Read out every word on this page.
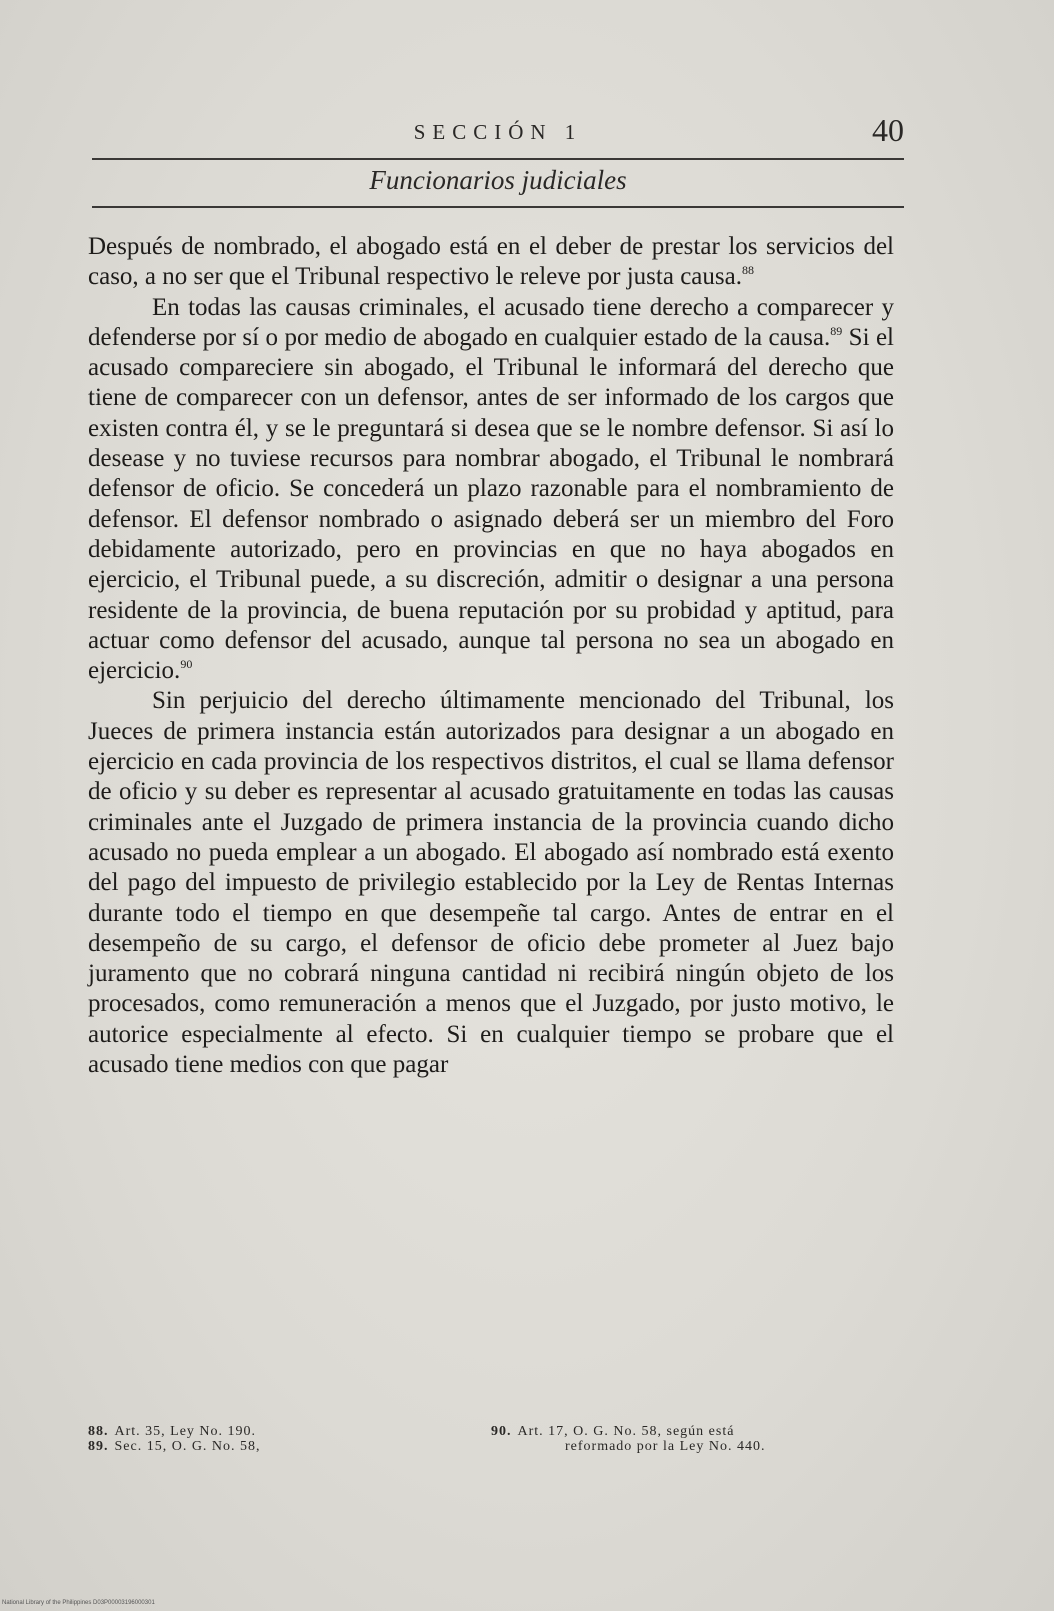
SECCIÓN 1	40
Funcionarios judiciales

Después de nombrado, el abogado está en el deber de prestar los servicios del caso, a no ser que el Tribunal respectivo le releve por justa causa.$^{88}$

En todas las causas criminales, el acusado tiene derecho a comparecer y defenderse por sí o por medio de abogado en cualquier estado de la causa.$^{89}$ Si el acusado compareciere sin abogado, el Tribunal le informará del derecho que tiene de comparecer con un defensor, antes de ser informado de los cargos que existen contra él, y se le preguntará si desea que se le nombre defensor. Si así lo desease y no tuviese recursos para nombrar abogado, el Tribunal le nombrará defensor de oficio. Se concederá un plazo razonable para el nombramiento de defensor. El defensor nombrado o asignado deberá ser un miembro del Foro debidamente autorizado, pero en provincias en que no haya abogados en ejercicio, el Tribunal puede, a su discreción, admitir o designar a una persona residente de la provincia, de buena reputación por su probidad y aptitud, para actuar como defensor del acusado, aunque tal persona no sea un abogado en ejercicio.$^{90}$

Sin perjuicio del derecho últimamente mencionado del Tribunal, los Jueces de primera instancia están autorizados para designar a un abogado en ejercicio en cada provincia de los respectivos distritos, el cual se llama defensor de oficio y su deber es representar al acusado gratuitamente en todas las causas criminales ante el Juzgado de primera instancia de la provincia cuando dicho acusado no pueda emplear a un abogado. El abogado así nombrado está exento del pago del impuesto de privilegio establecido por la Ley de Rentas Internas durante todo el tiempo en que desempeñe tal cargo. Antes de entrar en el desempeño de su cargo, el defensor de oficio debe prometer al Juez bajo juramento que no cobrará ninguna cantidad ni recibirá ningún objeto de los procesados, como remuneración a menos que el Juzgado, por justo motivo, le autorice especialmente al efecto. Si en cualquier tiempo se probare que el acusado tiene medios con que pagar

88. Art. 35, Ley No. 190.
89. Sec. 15, O. G. No. 58,
90. Art. 17, O. G. No. 58, según está
reformado por la Ley No. 440.
National Library of the Philippines D03P00003196000301
